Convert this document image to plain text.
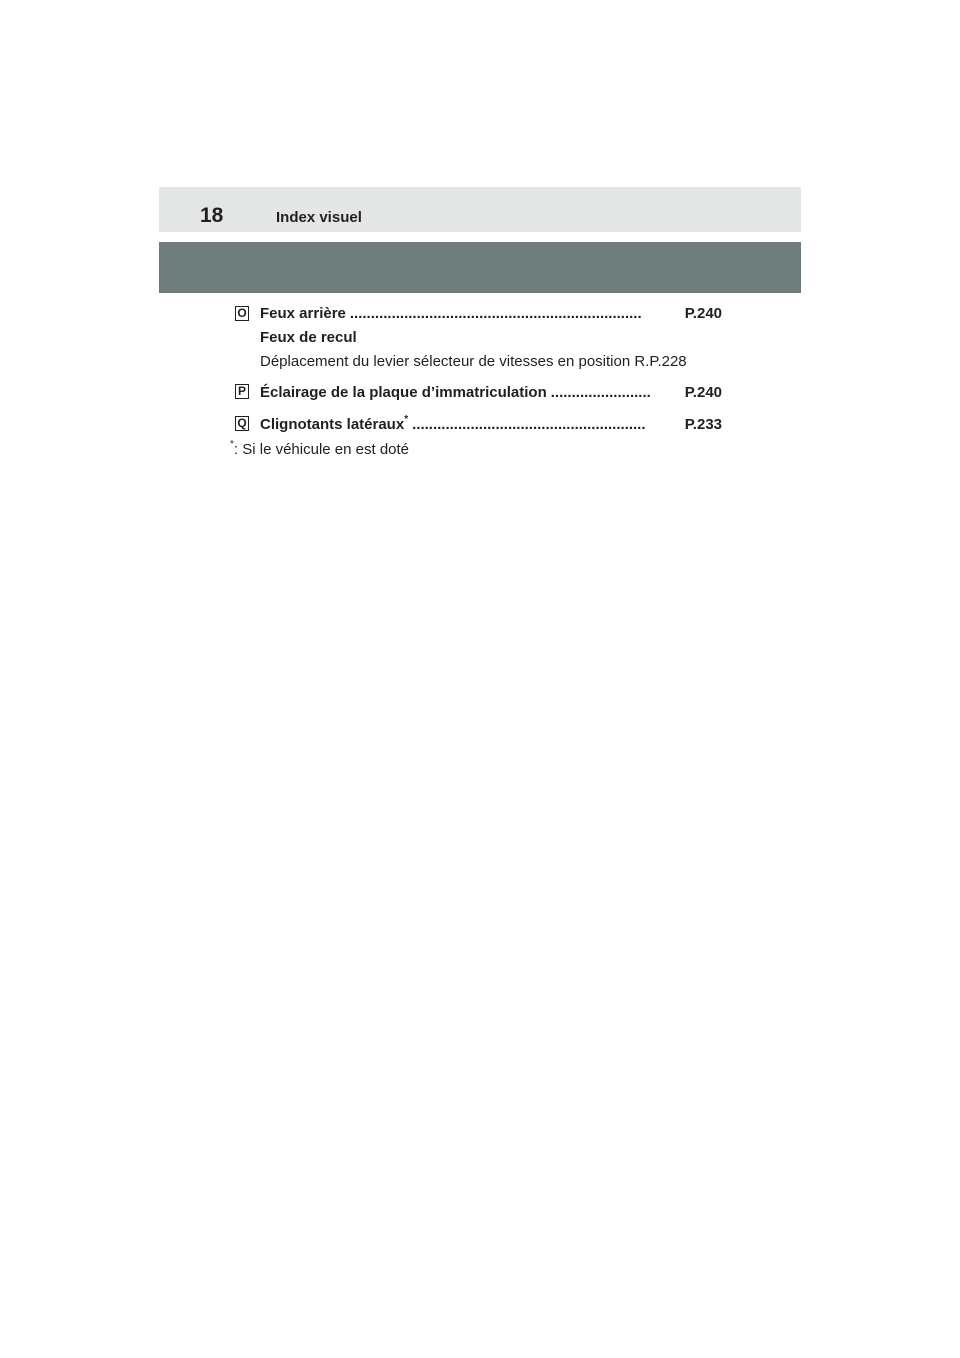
18	Index visuel
O Feux arrière ......................................................................	P.240
Feux de recul
Déplacement du levier sélecteur de vitesses en position R . P.228
P Éclairage de la plaque d’immatriculation ........................	P.240
Q Clignotants latéraux* ........................................................	P.233
*: Si le véhicule en est doté
